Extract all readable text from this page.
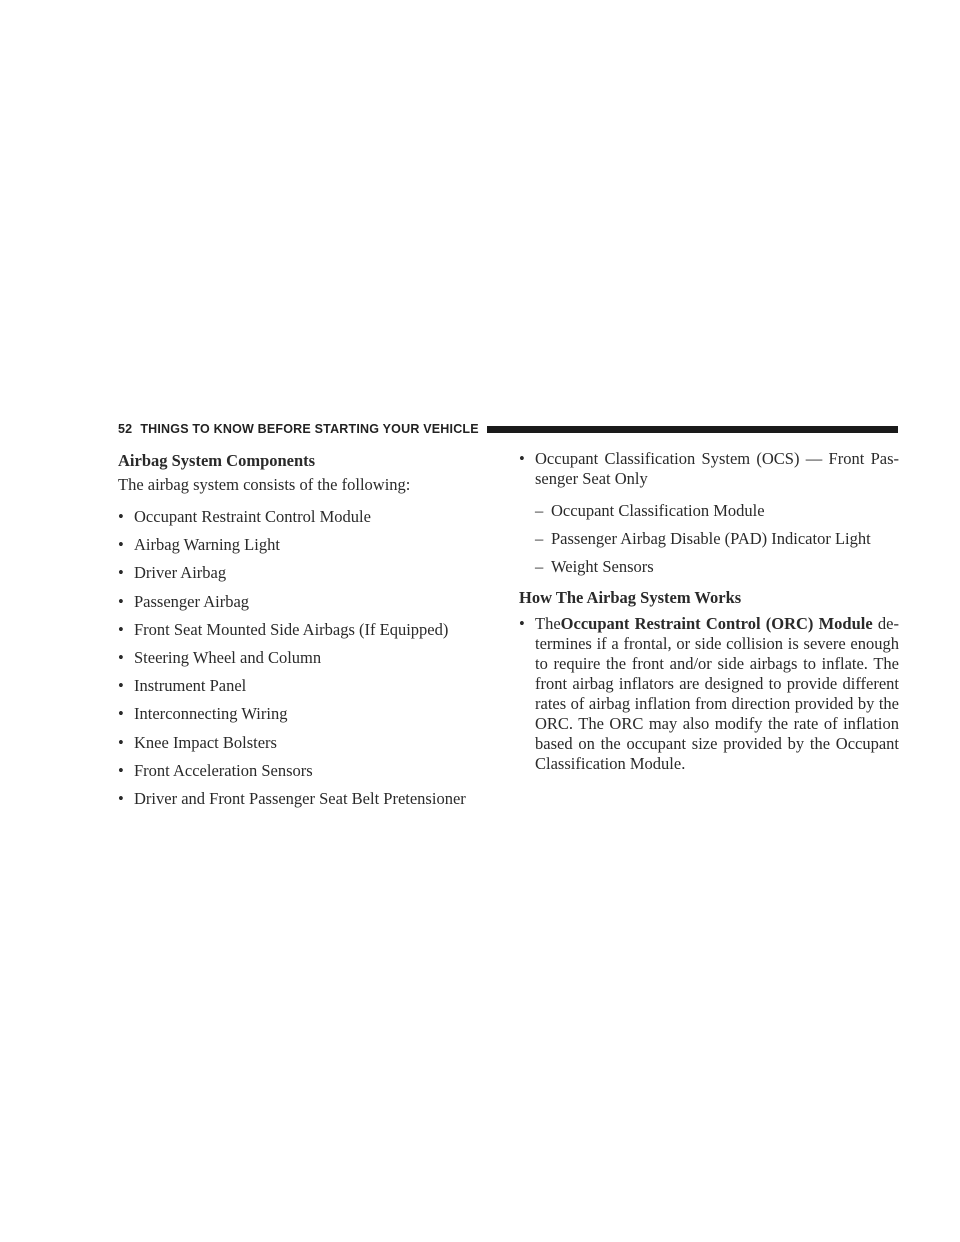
52 THINGS TO KNOW BEFORE STARTING YOUR VEHICLE

Airbag System Components

The airbag system consists of the following:

• Occupant Restraint Control Module
• Airbag Warning Light
• Driver Airbag
• Passenger Airbag
• Front Seat Mounted Side Airbags (If Equipped)
• Steering Wheel and Column
• Instrument Panel
• Interconnecting Wiring
• Knee Impact Bolsters
• Front Acceleration Sensors
• Driver and Front Passenger Seat Belt Pretensioner
• Occupant Classification System (OCS) — Front Pas-senger Seat Only
– Occupant Classification Module
– Passenger Airbag Disable (PAD) Indicator Light
– Weight Sensors

How The Airbag System Works

• TheOccupant Restraint Control (ORC) Module de-termines if a frontal, or side collision is severe enough to require the front and/or side airbags to inflate. The front airbag inflators are designed to provide different rates of airbag inflation from direction provided by the ORC. The ORC may also modify the rate of inflation based on the occupant size provided by the Occupant Classification Module.
